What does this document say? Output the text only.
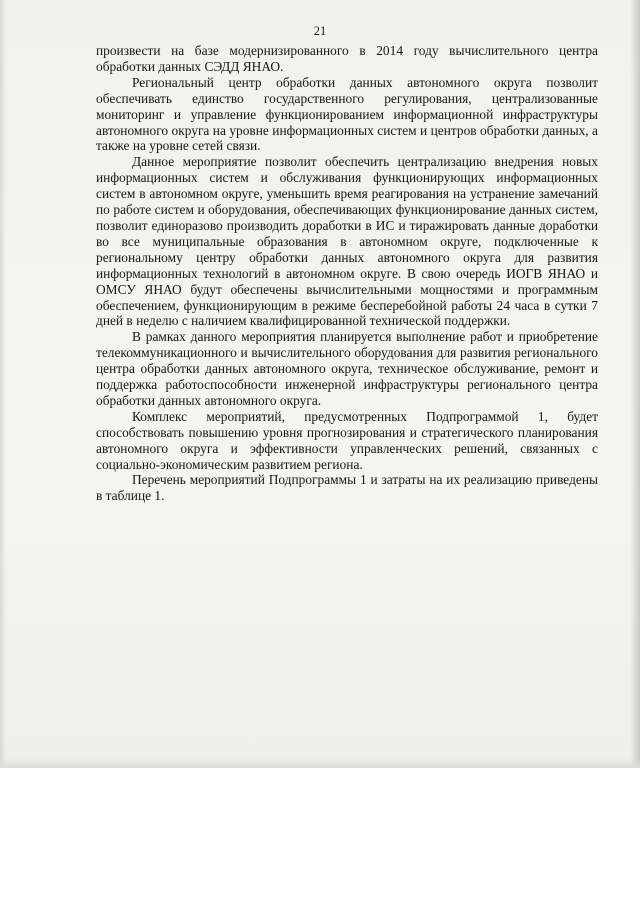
21

произвести на базе модернизированного в 2014 году вычислительного центра обработки данных СЭДД ЯНАО.

Региональный центр обработки данных автономного округа позволит обеспечивать единство государственного регулирования, централизованные мониторинг и управление функционированием информационной инфраструктуры автономного округа на уровне информационных систем и центров обработки данных, а также на уровне сетей связи.

Данное мероприятие позволит обеспечить централизацию внедрения новых информационных систем и обслуживания функционирующих информационных систем в автономном округе, уменьшить время реагирования на устранение замечаний по работе систем и оборудования, обеспечивающих функционирование данных систем, позволит единоразово производить доработки в ИС и тиражировать данные доработки во все муниципальные образования в автономном округе, подключенные к региональному центру обработки данных автономного округа для развития информационных технологий в автономном округе. В свою очередь ИОГВ ЯНАО и ОМСУ ЯНАО будут обеспечены вычислительными мощностями и программным обеспечением, функционирующим в режиме бесперебойной работы 24 часа в сутки 7 дней в неделю с наличием квалифицированной технической поддержки.

В рамках данного мероприятия планируется выполнение работ и приобретение телекоммуникационного и вычислительного оборудования для развития регионального центра обработки данных автономного округа, техническое обслуживание, ремонт и поддержка работоспособности инженерной инфраструктуры регионального центра обработки данных автономного округа.

Комплекс мероприятий, предусмотренных Подпрограммой 1, будет способствовать повышению уровня прогнозирования и стратегического планирования автономного округа и эффективности управленческих решений, связанных с социально-экономическим развитием региона.

Перечень мероприятий Подпрограммы 1 и затраты на их реализацию приведены в таблице 1.
